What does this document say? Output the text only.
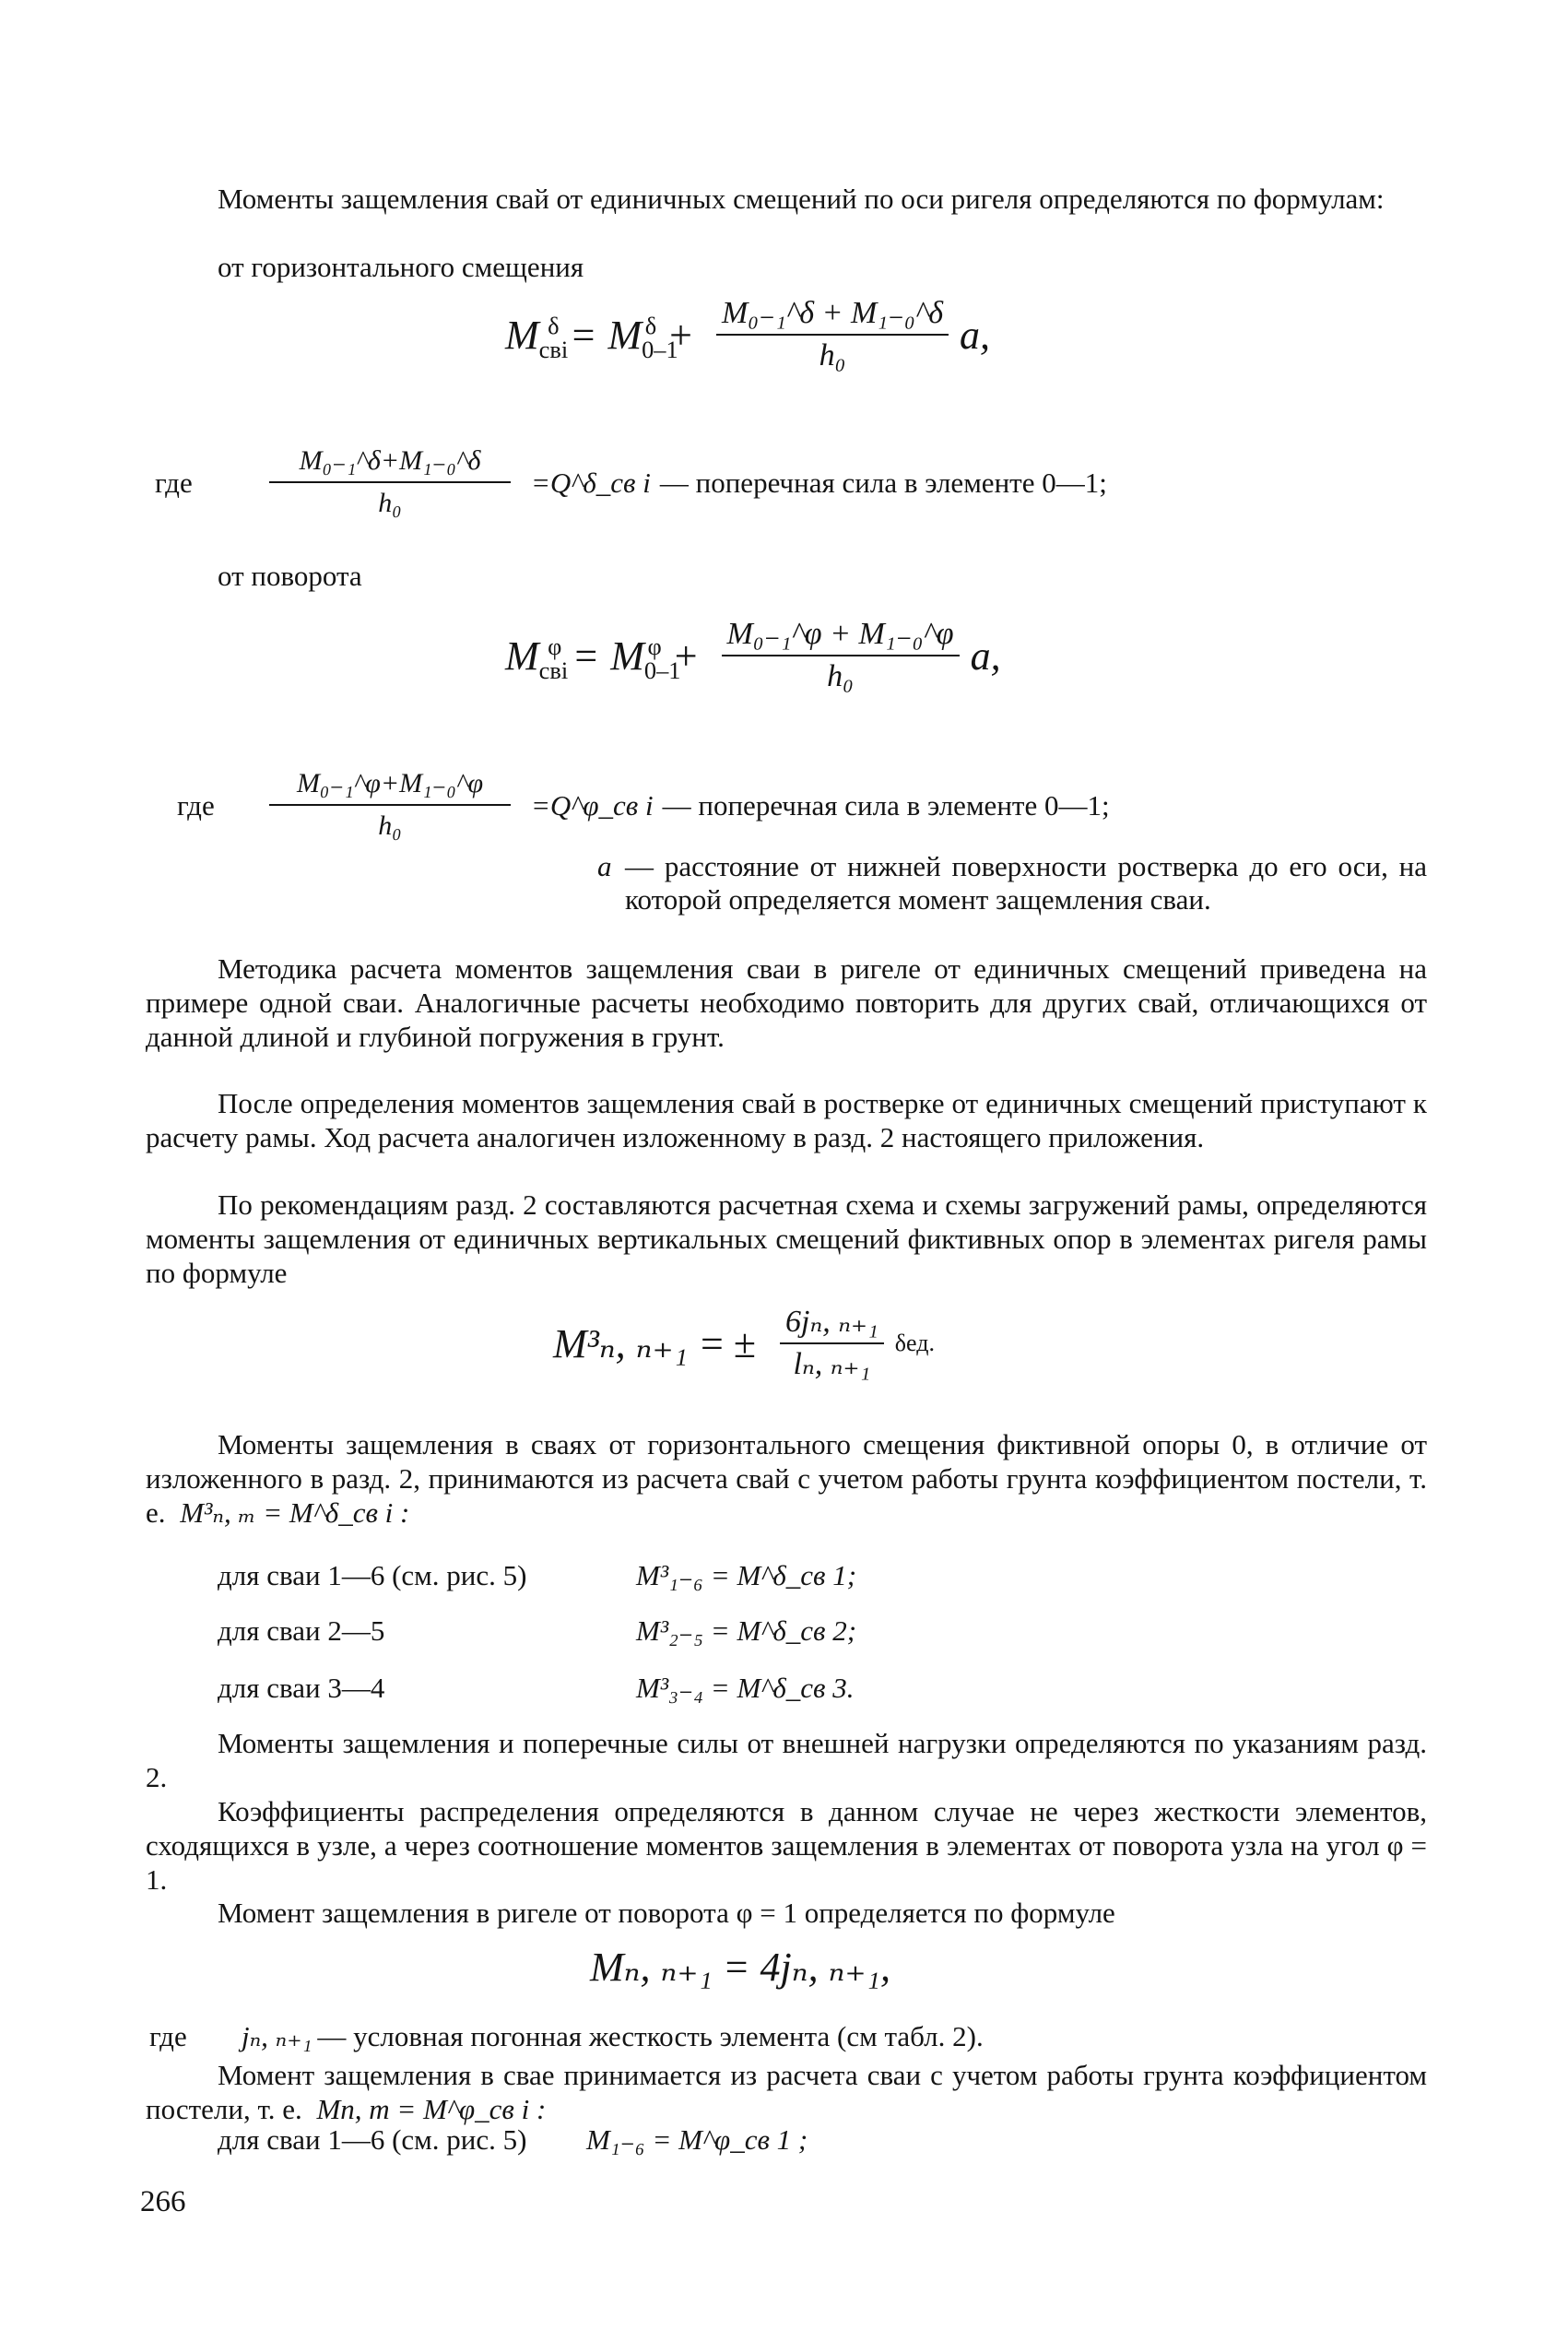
Моменты защемления свай от единичных смещений по оси ригеля определяются по формулам:
от горизонтального смещения
$M_{свi}^\delta = M_{0-1}^\delta + \frac{\text{M₀₋₁\textasciicircum{}δ + M₁₋₀\textasciicircum{}δ}}{\text{h₀}} a$,
где	$\frac{\text{M₀₋₁\textasciicircum{}δ+M₁₋₀\textasciicircum{}δ}}{\text{h₀}}$ =Q^δ_св i — поперечная сила в элементе 0—1;
от поворота
$M_{свi}^\varphi = M_{0-1}^\varphi + \frac{\text{M₀₋₁\textasciicircum{}φ + M₁₋₀\textasciicircum{}φ}}{\text{h₀}} a$,
где	$\frac{\text{M₀₋₁\textasciicircum{}φ+M₁₋₀\textasciicircum{}φ}}{\text{h₀}}$ =Q^φ_св i — поперечная сила в элементе 0—1;
a — расстояние от нижней поверхности ростверка до его оси, на которой определяется момент защемления сваи.
Методика расчета моментов защемления сваи в ригеле от единичных смещений приведена на примере одной сваи. Аналогичные расчеты необходимо повторить для других свай, отличающихся от данной длиной и глубиной погружения в грунт.
После определения моментов защемления свай в ростверке от единичных смещений приступают к расчету рамы. Ход расчета аналогичен изложенному в разд. 2 настоящего приложения.
По рекомендациям разд. 2 составляются расчетная схема и схемы загружений рамы, определяются моменты защемления от единичных вертикальных смещений фиктивных опор в элементах ригеля рамы по формуле
M³ₙ, ₙ₊₁ = ± $\frac{\text{6jₙ, ₙ₊₁}}{\text{lₙ, ₙ₊₁}} \delta ед$.
Моменты защемления в сваях от горизонтального смещения фиктивной опоры 0, в отличие от изложенного в разд. 2, принимаются из расчета свай с учетом работы грунта коэффициентом постели, т. е. M³ₙ, ₘ = M^δ_св i :
для сваи 1—6 (см. рис. 5)	M³₁₋₆ = M^δ_св 1;
для сваи 2—5	M³₂₋₅ = M^δ_св 2;
для сваи 3—4	M³₃₋₄ = M^δ_св 3.
Моменты защемления и поперечные силы от внешней нагрузки определяются по указаниям разд. 2.
Коэффициенты распределения определяются в данном случае не через жесткости элементов, сходящихся в узле, а через соотношение моментов защемления в элементах от поворота узла на угол φ = 1.
Момент защемления в ригеле от поворота φ = 1 определяется по формуле
Mₙ, ₙ₊₁ = 4jₙ, ₙ₊₁,
где	jₙ, ₙ₊₁ — условная погонная жесткость элемента (см табл. 2).
Момент защемления в свае принимается из расчета сваи с учетом работы грунта коэффициентом постели, т. е. Mn, m = M^φ_св i :
для сваи 1—6 (см. рис. 5) M₁₋₆ = M^φ_св 1 ;
266
